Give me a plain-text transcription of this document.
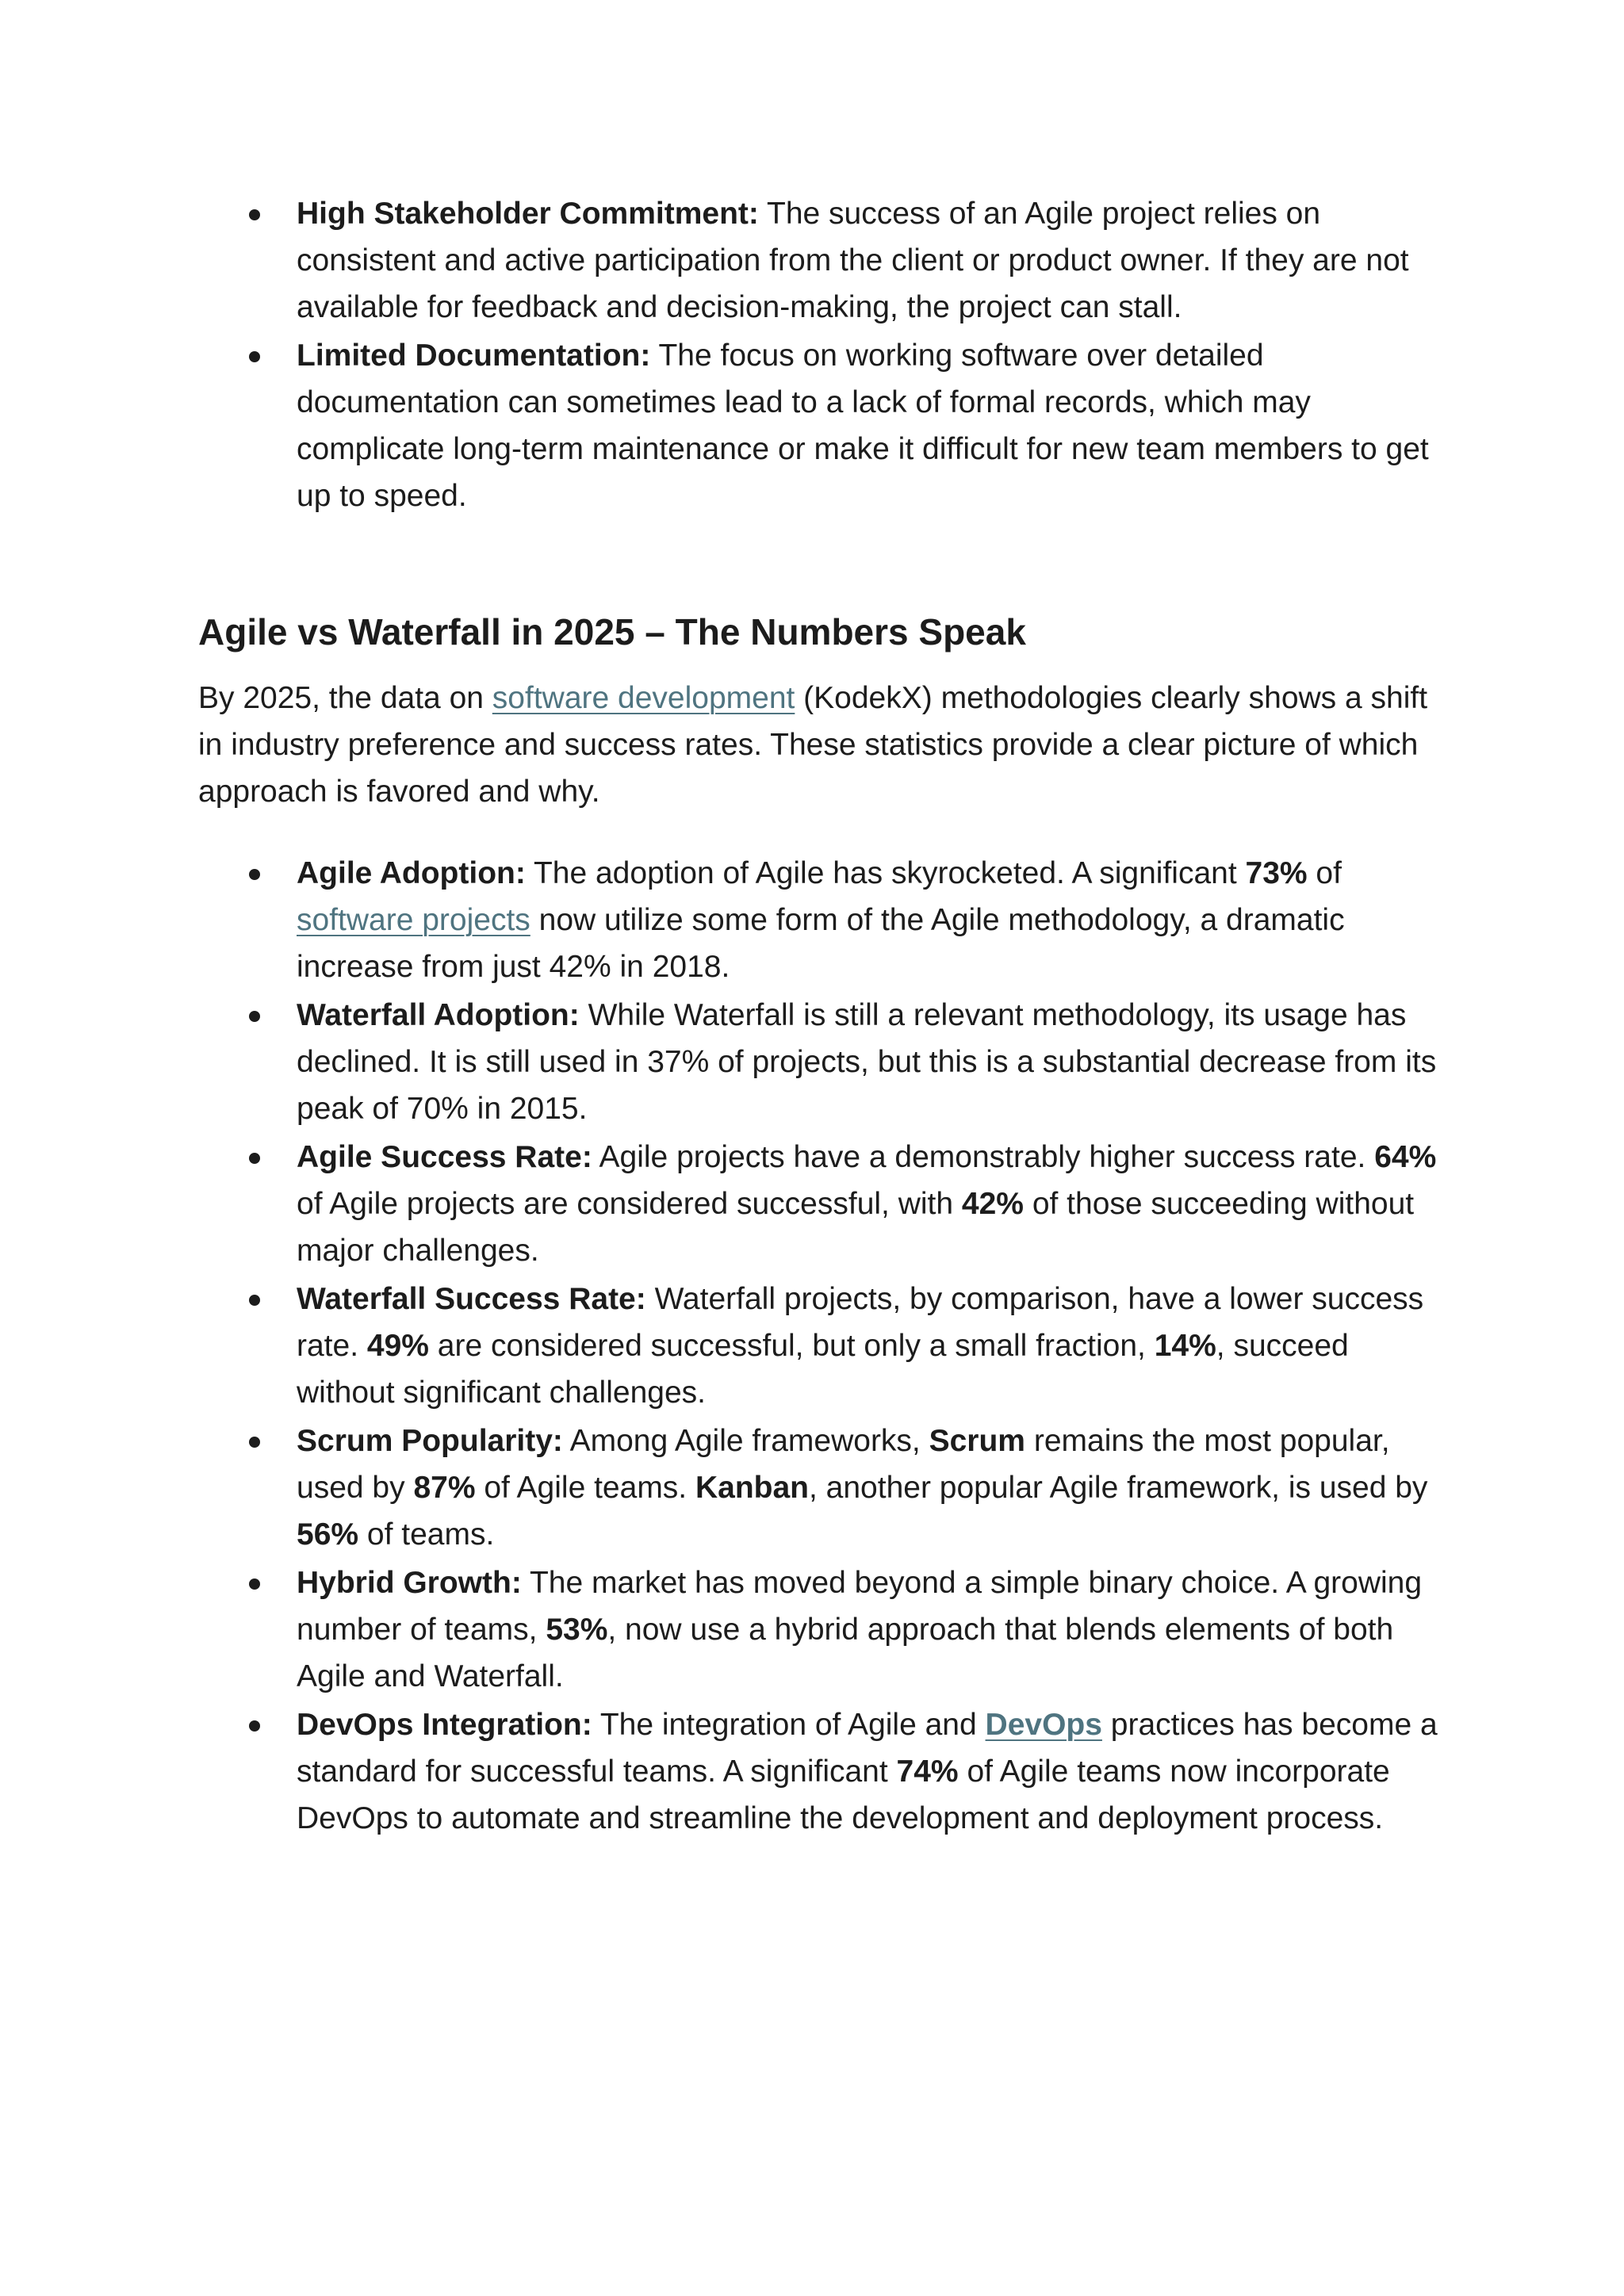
High Stakeholder Commitment: The success of an Agile project relies on consistent and active participation from the client or product owner. If they are not available for feedback and decision-making, the project can stall.
Limited Documentation: The focus on working software over detailed documentation can sometimes lead to a lack of formal records, which may complicate long-term maintenance or make it difficult for new team members to get up to speed.
Agile vs Waterfall in 2025 – The Numbers Speak

By 2025, the data on software development (KodekX) methodologies clearly shows a shift in industry preference and success rates. These statistics provide a clear picture of which approach is favored and why.

Agile Adoption: The adoption of Agile has skyrocketed. A significant 73% of software projects now utilize some form of the Agile methodology, a dramatic increase from just 42% in 2018.
Waterfall Adoption: While Waterfall is still a relevant methodology, its usage has declined. It is still used in 37% of projects, but this is a substantial decrease from its peak of 70% in 2015.
Agile Success Rate: Agile projects have a demonstrably higher success rate. 64% of Agile projects are considered successful, with 42% of those succeeding without major challenges.
Waterfall Success Rate: Waterfall projects, by comparison, have a lower success rate. 49% are considered successful, but only a small fraction, 14%, succeed without significant challenges.
Scrum Popularity: Among Agile frameworks, Scrum remains the most popular, used by 87% of Agile teams. Kanban, another popular Agile framework, is used by 56% of teams.
Hybrid Growth: The market has moved beyond a simple binary choice. A growing number of teams, 53%, now use a hybrid approach that blends elements of both Agile and Waterfall.
DevOps Integration: The integration of Agile and DevOps practices has become a standard for successful teams. A significant 74% of Agile teams now incorporate DevOps to automate and streamline the development and deployment process.
